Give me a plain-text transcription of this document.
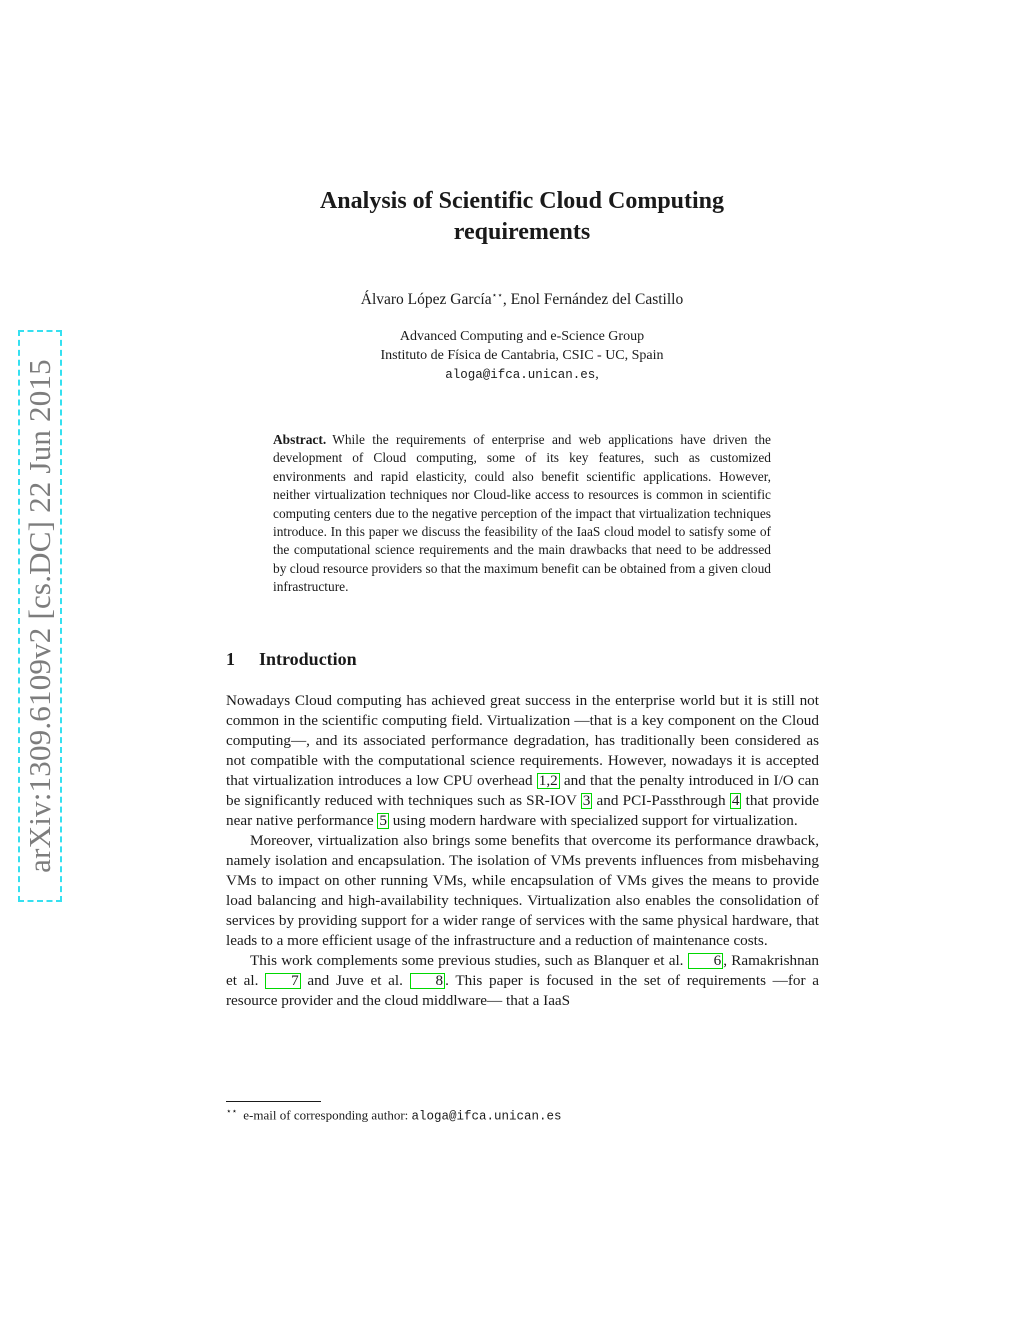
arXiv:1309.6109v2 [cs.DC] 22 Jun 2015
Analysis of Scientific Cloud Computing
requirements
Álvaro López García⋆⋆, Enol Fernández del Castillo
Advanced Computing and e-Science Group
Instituto de Física de Cantabria, CSIC - UC, Spain
aloga@ifca.unican.es,
Abstract. While the requirements of enterprise and web applications have driven the development of Cloud computing, some of its key features, such as customized environments and rapid elasticity, could also benefit scientific applications. However, neither virtualization techniques nor Cloud-like access to resources is common in scientific computing centers due to the negative perception of the impact that virtualization techniques introduce. In this paper we discuss the feasibility of the IaaS cloud model to satisfy some of the computational science requirements and the main drawbacks that need to be addressed by cloud resource providers so that the maximum benefit can be obtained from a given cloud infrastructure.
1 Introduction

Nowadays Cloud computing has achieved great success in the enterprise world but it is still not common in the scientific computing field. Virtualization —that is a key component on the Cloud computing—, and its associated performance degradation, has traditionally been considered as not compatible with the computational science requirements. However, nowadays it is accepted that virtualization introduces a low CPU overhead 1,2 and that the penalty introduced in I/O can be significantly reduced with techniques such as SR-IOV 3 and PCI-Passthrough 4 that provide near native performance 5 using modern hardware with specialized support for virtualization.

Moreover, virtualization also brings some benefits that overcome its performance drawback, namely isolation and encapsulation. The isolation of VMs prevents influences from misbehaving VMs to impact on other running VMs, while encapsulation of VMs gives the means to provide load balancing and high-availability techniques. Virtualization also enables the consolidation of services by providing support for a wider range of services with the same physical hardware, that leads to a more efficient usage of the infrastructure and a reduction of maintenance costs.

This work complements some previous studies, such as Blanquer et al. 6 , Ramakrishnan et al. 7 and Juve et al. 8 . This paper is focused in the set of requirements —for a resource provider and the cloud middlware— that a IaaS

⋆⋆ e-mail of corresponding author: aloga@ifca.unican.es
